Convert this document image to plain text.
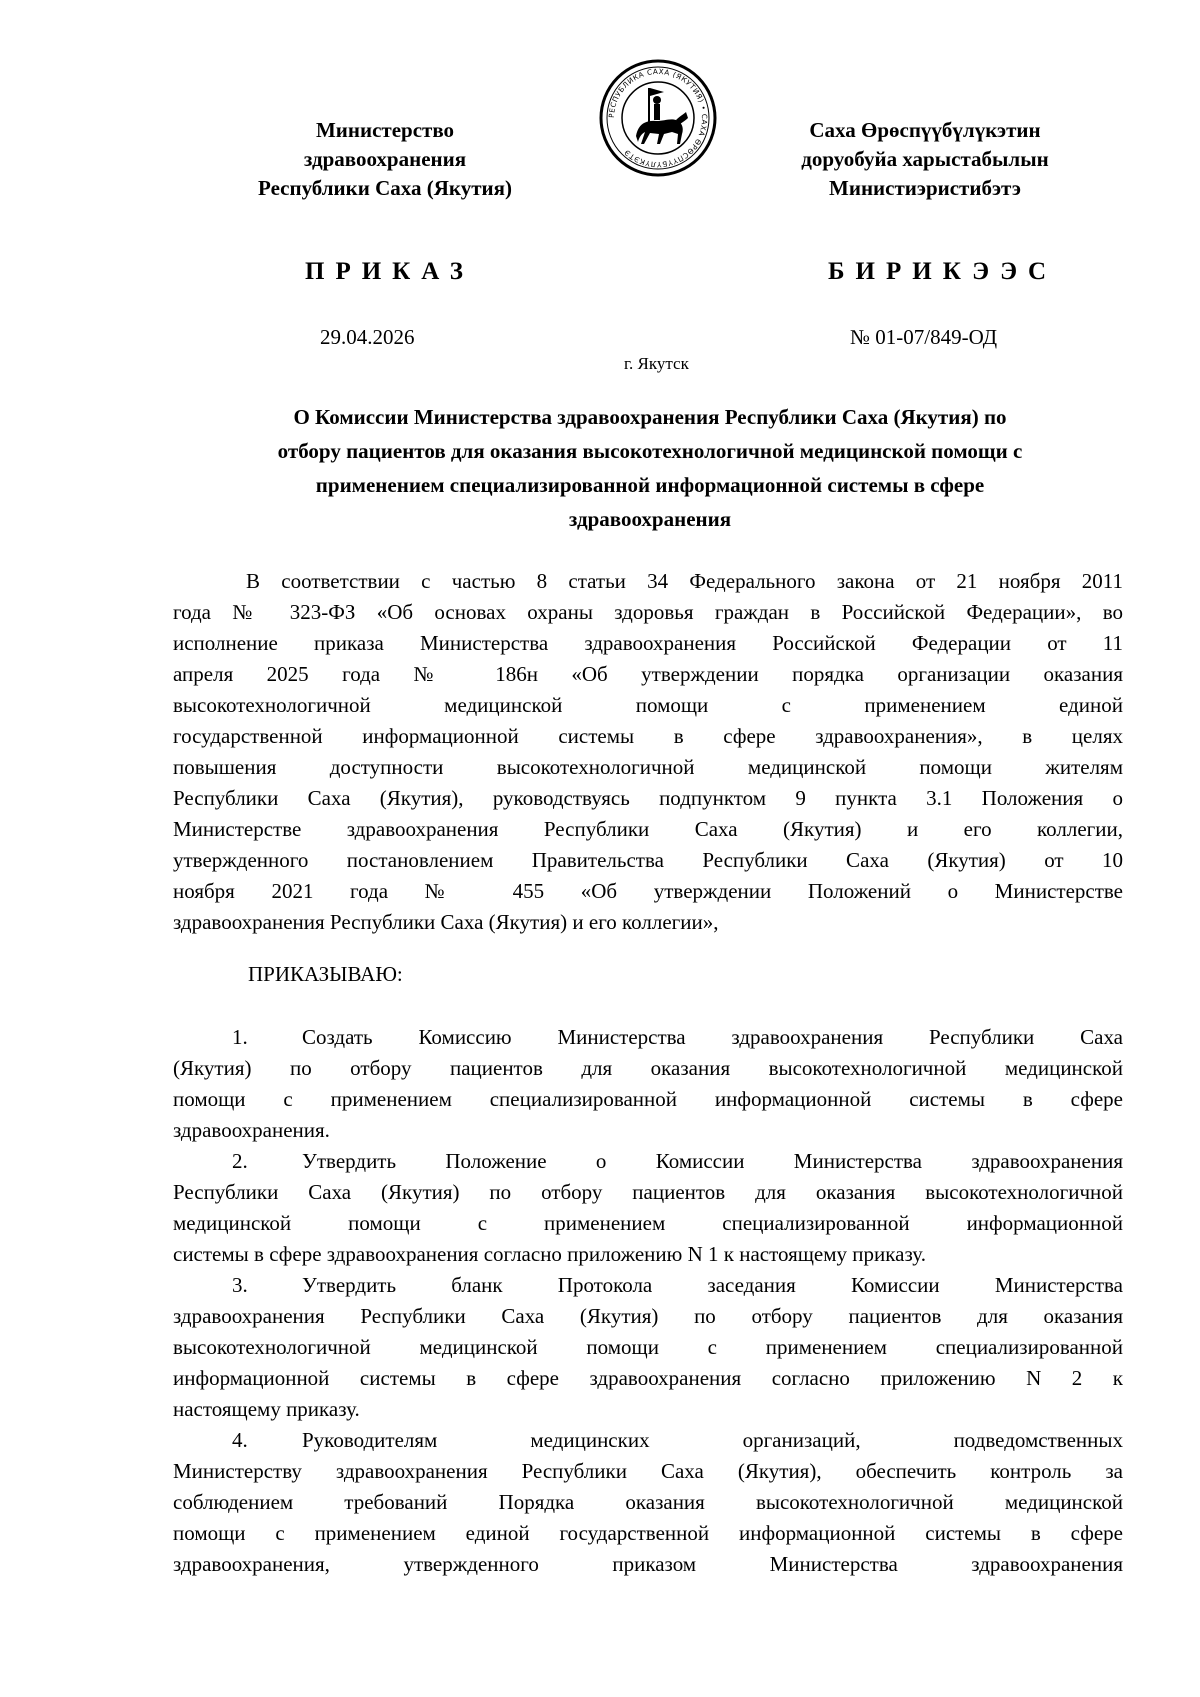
Министерство
здравоохранения
Республики Саха (Якутия)
РЕСПУБЛИКА САХА (ЯКУТИЯ) • САХА ӨРӨСПҮҮБҮЛҮКЭТЭ
Саха Өрөспүүбүлүкэтин
доруобуйа харыстабылын
Министиэристибэтэ
ПРИКАЗ	БИРИКЭЭС
29.04.2026	№ 01-07/849-ОД
г. Якутск
О Комиссии Министерства здравоохранения Республики Саха (Якутия) по
отбору пациентов для оказания высокотехнологичной медицинской помощи с
применением специализированной информационной системы в сфере
здравоохранения
В соответствии с частью 8 статьи 34 Федерального закона от 21 ноября 2011
года № 323-ФЗ «Об основах охраны здоровья граждан в Российской Федерации», во
исполнение приказа Министерства здравоохранения Российской Федерации от 11
апреля 2025 года № 186н «Об утверждении порядка организации оказания
высокотехнологичной медицинской помощи с применением единой
государственной информационной системы в сфере здравоохранения», в целях
повышения доступности высокотехнологичной медицинской помощи жителям
Республики Саха (Якутия), руководствуясь подпунктом 9 пункта 3.1 Положения о
Министерстве здравоохранения Республики Саха (Якутия) и его коллегии,
утвержденного постановлением Правительства Республики Саха (Якутия) от 10
ноября 2021 года № 455 «Об утверждении Положений о Министерстве
здравоохранения Республики Саха (Якутия) и его коллегии»,
ПРИКАЗЫВАЮ:
1.	Создать Комиссию Министерства здравоохранения Республики Саха
(Якутия) по отбору пациентов для оказания высокотехнологичной медицинской
помощи с применением специализированной информационной системы в сфере
здравоохранения.
2.	Утвердить Положение о Комиссии Министерства здравоохранения
Республики Саха (Якутия) по отбору пациентов для оказания высокотехнологичной
медицинской помощи с применением специализированной информационной
системы в сфере здравоохранения согласно приложению N 1 к настоящему приказу.
3.	Утвердить бланк Протокола заседания Комиссии Министерства
здравоохранения Республики Саха (Якутия) по отбору пациентов для оказания
высокотехнологичной медицинской помощи с применением специализированной
информационной системы в сфере здравоохранения согласно приложению N 2 к
настоящему приказу.
4.	Руководителям медицинских организаций, подведомственных
Министерству здравоохранения Республики Саха (Якутия), обеспечить контроль за
соблюдением требований Порядка оказания высокотехнологичной медицинской
помощи с применением единой государственной информационной системы в сфере
здравоохранения, утвержденного приказом Министерства здравоохранения
